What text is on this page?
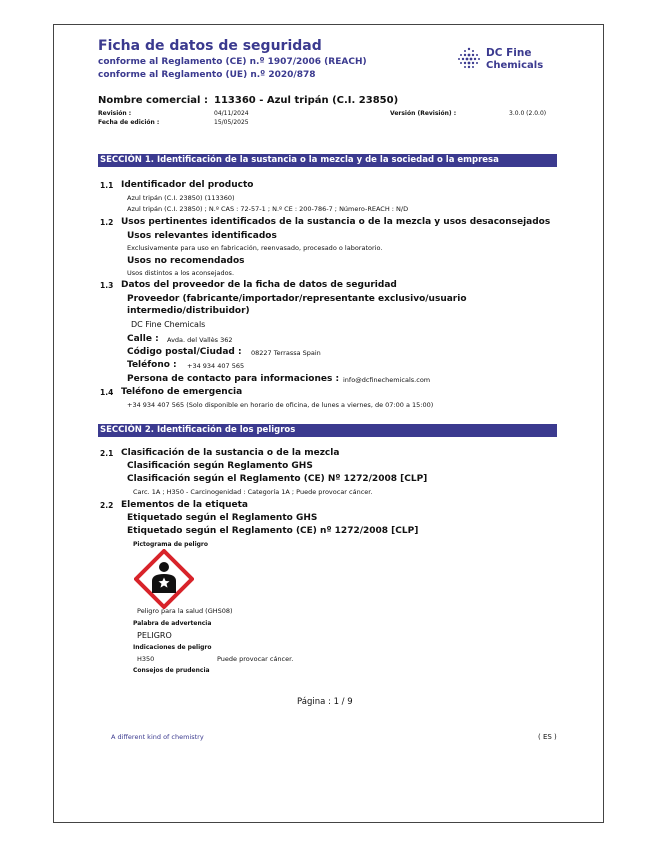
Ficha de datos de seguridad
conforme al Reglamento (CE) n.º 1907/2006 (REACH)
conforme al Reglamento (UE) n.º 2020/878
DC Fine
Chemicals
Nombre comercial : 113360 - Azul tripán (C.I. 23850)
Revisión :	04/11/2024
Fecha de edición :	15/05/2025
Versión (Revisión) :	3.0.0 (2.0.0)
SECCIÓN 1. Identificación de la sustancia o la mezcla y de la sociedad o la empresa
1.1 Identificador del producto
Azul tripán (C.I. 23850) (113360)
Azul tripán (C.I. 23850) ; N.º CAS : 72-57-1 ; N.º CE : 200-786-7 ; Número-REACH : N/D
1.2 Usos pertinentes identificados de la sustancia o de la mezcla y usos desaconsejados
Usos relevantes identificados
Exclusivamente para uso en fabricación, reenvasado, procesado o laboratorio.
Usos no recomendados
Usos distintos a los aconsejados.
1.3 Datos del proveedor de la ficha de datos de seguridad
Proveedor (fabricante/importador/representante exclusivo/usuario
intermedio/distribuidor)
DC Fine Chemicals
Calle : Avda. del Vallès 362
Código postal/Ciudad : 08227 Terrassa Spain
Teléfono : +34 934 407 565
Persona de contacto para informaciones : info@dcfinechemicals.com
1.4 Teléfono de emergencia
+34 934 407 565 (Solo disponible en horario de oficina, de lunes a viernes, de 07:00 a 15:00)
SECCIÓN 2. Identificación de los peligros
2.1 Clasificación de la sustancia o de la mezcla
Clasificación según Reglamento GHS
Clasificación según el Reglamento (CE) Nº 1272/2008 [CLP]
Carc. 1A ; H350 - Carcinogenidad : Categoría 1A ; Puede provocar cáncer.
2.2 Elementos de la etiqueta
Etiquetado según el Reglamento GHS
Etiquetado según el Reglamento (CE) nº 1272/2008 [CLP]
Pictograma de peligro
Peligro para la salud (GHS08)
Palabra de advertencia
PELIGRO
Indicaciones de peligro
H350	Puede provocar cáncer.
Consejos de prudencia
Página : 1 / 9
A different kind of chemistry	( ES )
